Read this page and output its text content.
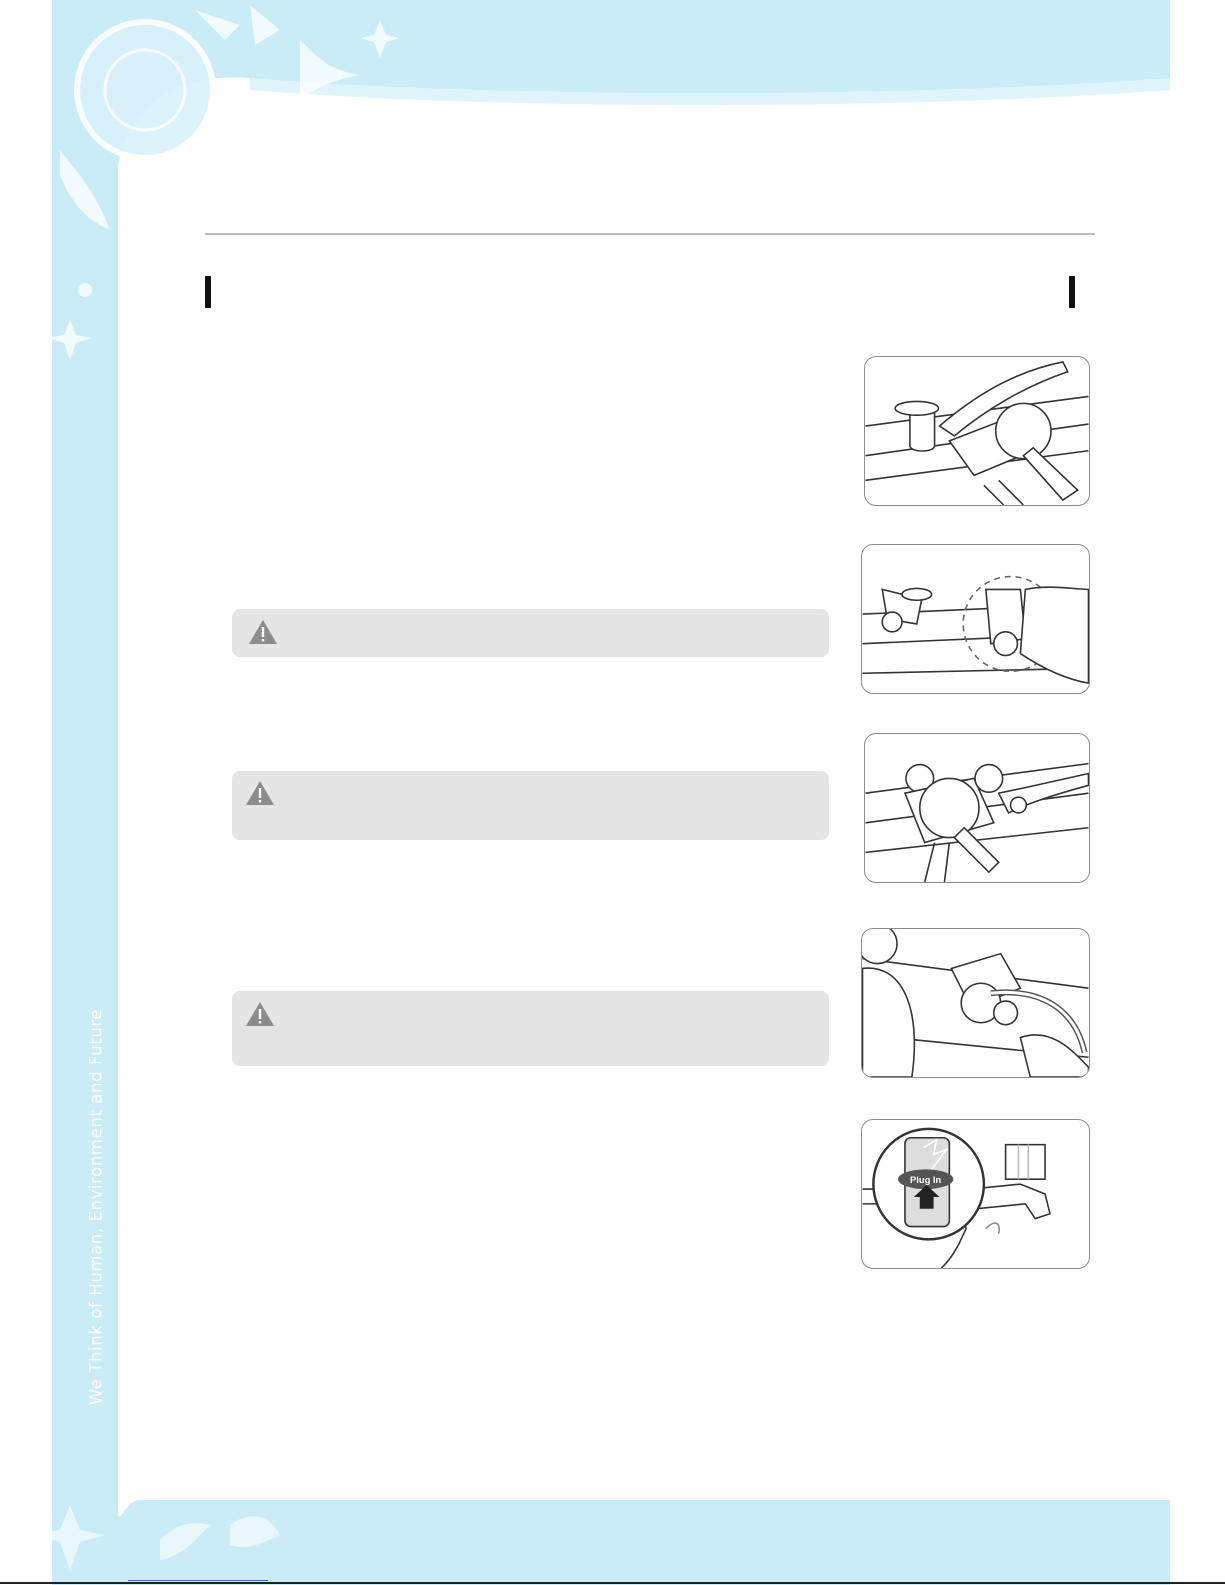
We Think of Human, Environment and Future	Plug In
